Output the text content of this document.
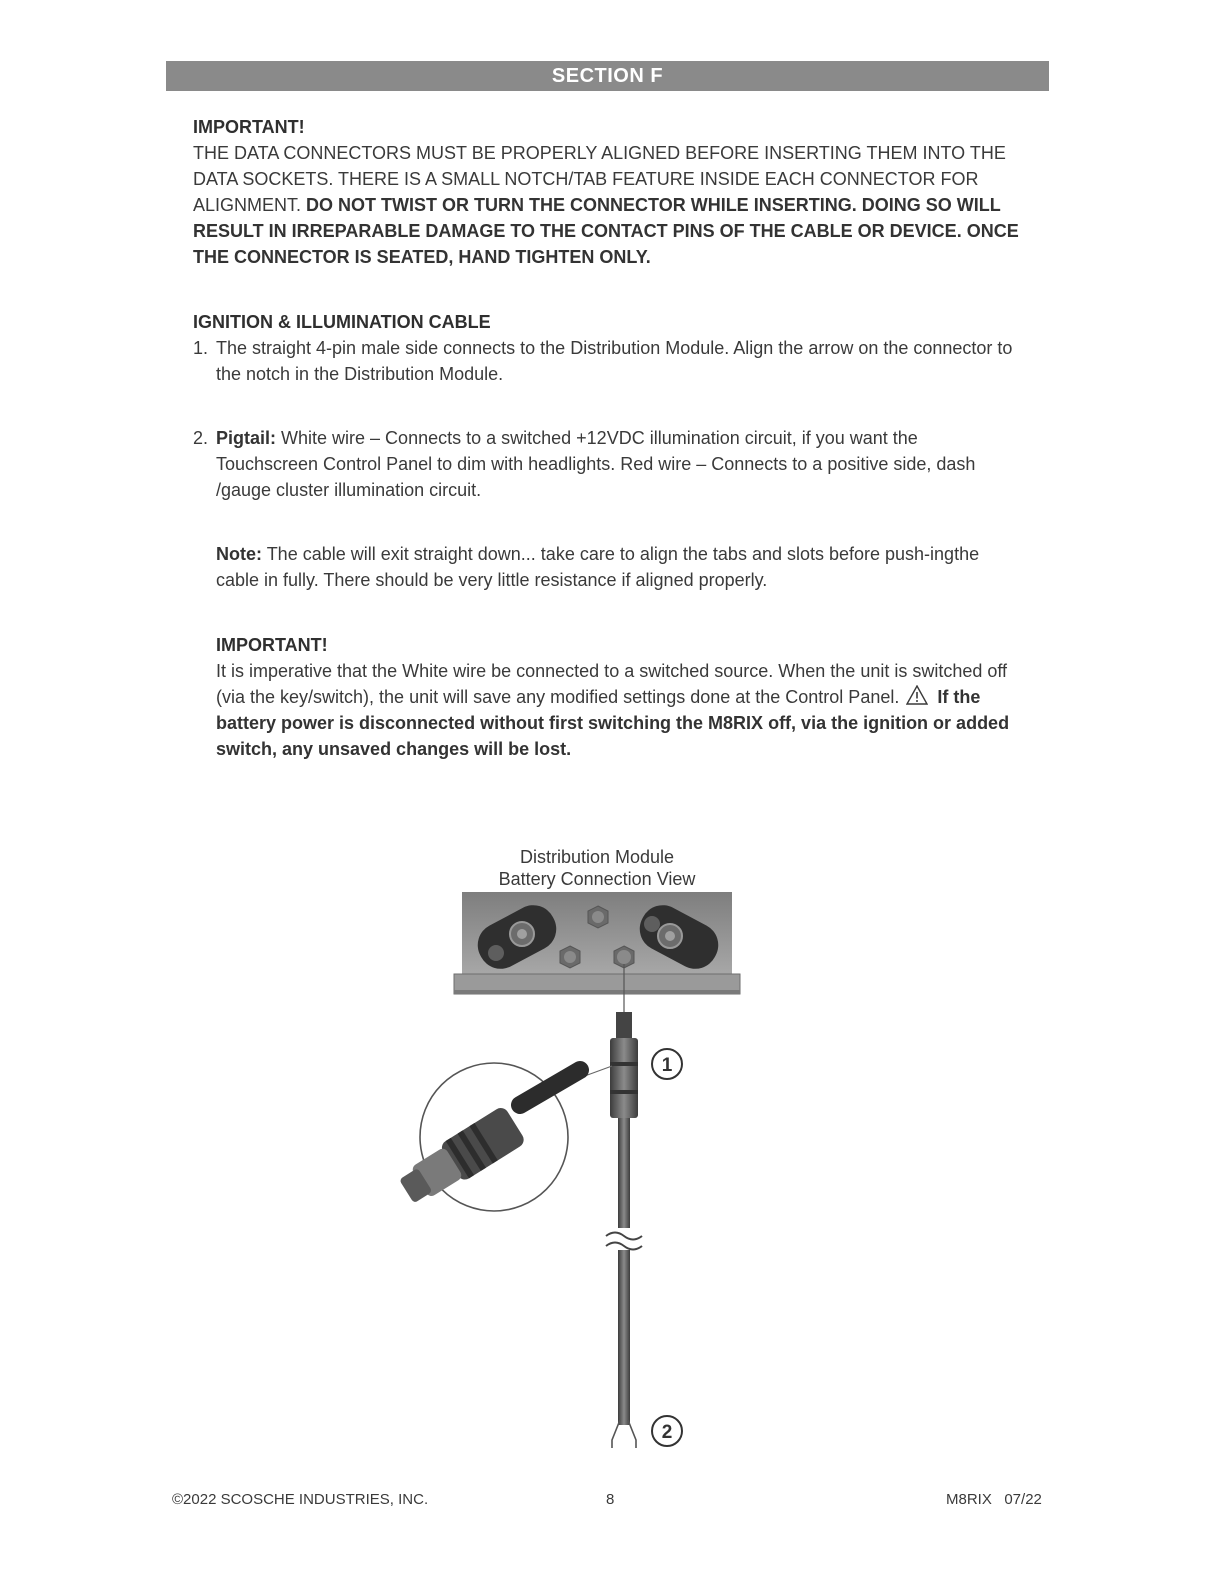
SECTION F
IMPORTANT!
THE DATA CONNECTORS MUST BE PROPERLY ALIGNED BEFORE INSERTING THEM INTO THE DATA SOCKETS. THERE IS A SMALL NOTCH/TAB FEATURE INSIDE EACH CONNECTOR FOR ALIGNMENT. DO NOT TWIST OR TURN THE CONNECTOR WHILE INSERTING. DOING SO WILL RESULT IN IRREPARABLE DAMAGE TO THE CONTACT PINS OF THE CABLE OR DEVICE. ONCE THE CONNECTOR IS SEATED, HAND TIGHTEN ONLY.
IGNITION & ILLUMINATION CABLE
1. The straight 4-pin male side connects to the Distribution Module. Align the arrow on the connector to the notch in the Distribution Module.
2. Pigtail: White wire – Connects to a switched +12VDC illumination circuit, if you want the Touchscreen Control Panel to dim with headlights. Red wire – Connects to a positive side, dash /gauge cluster illumination circuit.
Note: The cable will exit straight down... take care to align the tabs and slots before push-ingthe cable in fully. There should be very little resistance if aligned properly.
IMPORTANT!
It is imperative that the White wire be connected to a switched source. When the unit is switched off (via the key/switch), the unit will save any modified settings done at the Control Panel. If the battery power is disconnected without first switching the M8RIX off, via the ignition or added switch, any unsaved changes will be lost.
Distribution Module
Battery Connection View
1
2
©2022 SCOSCHE INDUSTRIES, INC.	8	M8RIX   07/22
